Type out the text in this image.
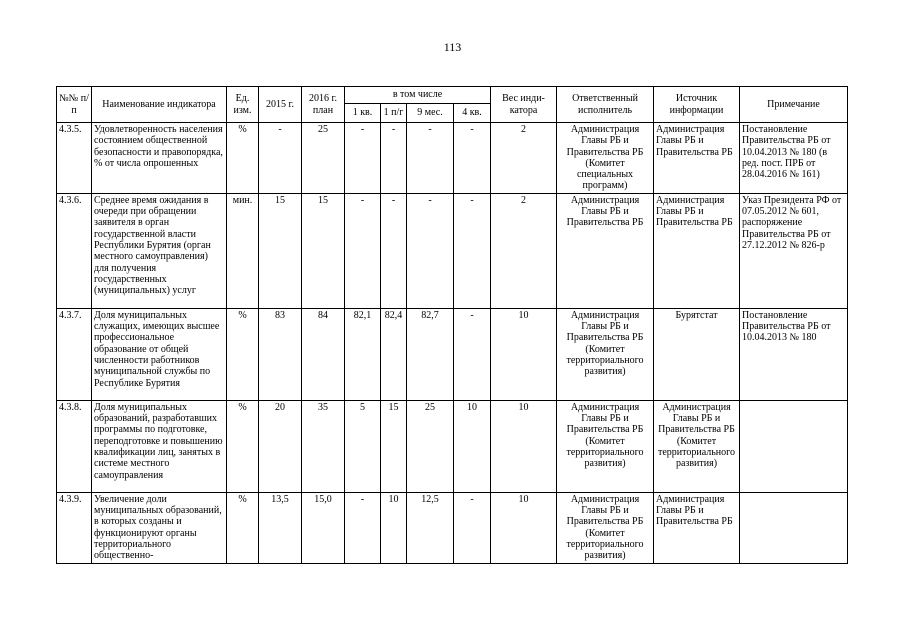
113
№№ п/п	Наименование индикатора	Ед. изм.	2015 г.	2016 г. план	в том числе				Вес инди-катора	Ответственный исполнитель	Источник информации	Примечание
					1 кв.	1 п/г	9 мес.	4 кв.				
4.3.5.	Удовлетворенность населения состоянием общественной безопасности и правопорядка, % от числа опрошенных	%	-	25	-	-	-	-	2	Администрация Главы РБ и Правительства РБ (Комитет специальных программ)	Администрация Главы РБ и Правительства РБ	Постановление Правительства РБ от 10.04.2013 № 180 (в ред. пост. ПРБ от 28.04.2016 № 161)
4.3.6.	Среднее время ожидания в очереди при обращении заявителя в орган государственной власти Республики Бурятия (орган местного самоуправления) для получения государственных (муниципальных) услуг	мин.	15	15	-	-	-	-	2	Администрация Главы РБ и Правительства РБ	Администрация Главы РБ и Правительства РБ	Указ Президента РФ от 07.05.2012 № 601, распоряжение Правительства РБ от 27.12.2012 № 826-р
4.3.7.	Доля муниципальных служащих, имеющих высшее профессиональное образование от общей численности работников муниципальной службы по Республике Бурятия	%	83	84	82,1	82,4	82,7	-	10	Администрация Главы РБ и Правительства РБ (Комитет территориального развития)	Бурятстат	Постановление Правительства РБ от 10.04.2013 № 180
4.3.8.	Доля муниципальных образований, разработавших программы по подготовке, переподготовке и повышению квалификации лиц, занятых в системе местного самоуправления	%	20	35	5	15	25	10	10	Администрация Главы РБ и Правительства РБ (Комитет территориального развития)	Администрация Главы РБ и Правительства РБ (Комитет территориального развития)	
4.3.9.	Увеличение доли муниципальных образований, в которых созданы и функционируют органы территориального общественно-	%	13,5	15,0	-	10	12,5	-	10	Администрация Главы РБ и Правительства РБ (Комитет территориального развития)	Администрация Главы РБ и Правительства РБ	
